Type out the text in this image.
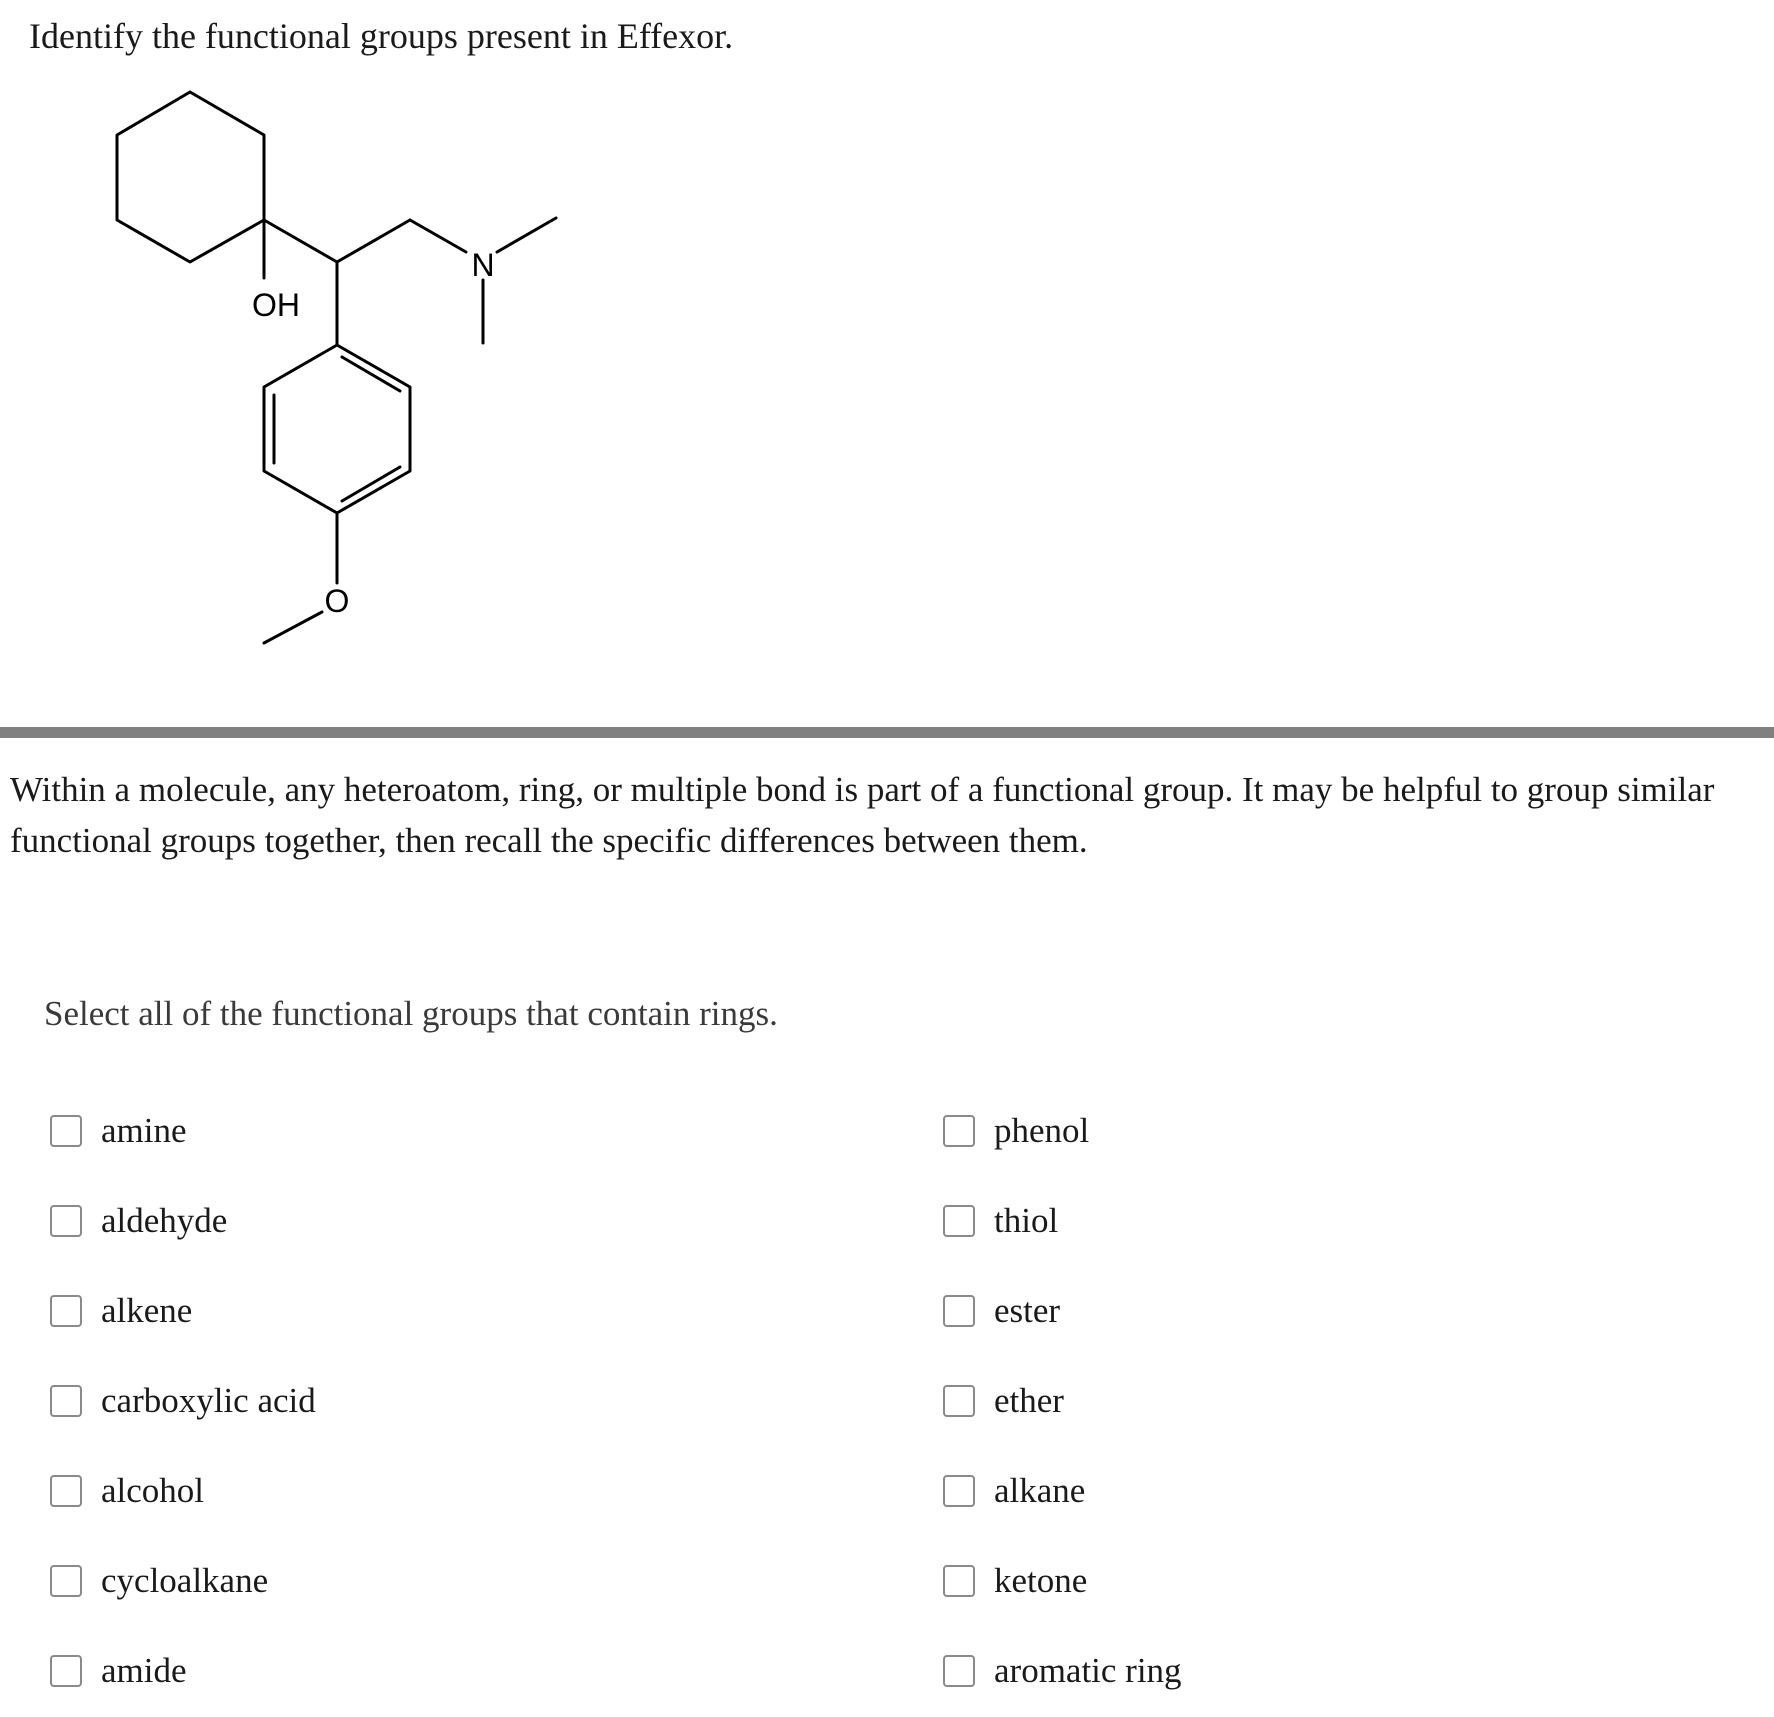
Identify the functional groups present in Effexor.
OH
N
O
Within a molecule, any heteroatom, ring, or multiple bond is part of a functional group. It may be helpful to group similar
functional groups together, then recall the specific differences between them.
Select all of the functional groups that contain rings.
amine
aldehyde
alkene
carboxylic acid
alcohol
cycloalkane
amide
phenol
thiol
ester
ether
alkane
ketone
aromatic ring
